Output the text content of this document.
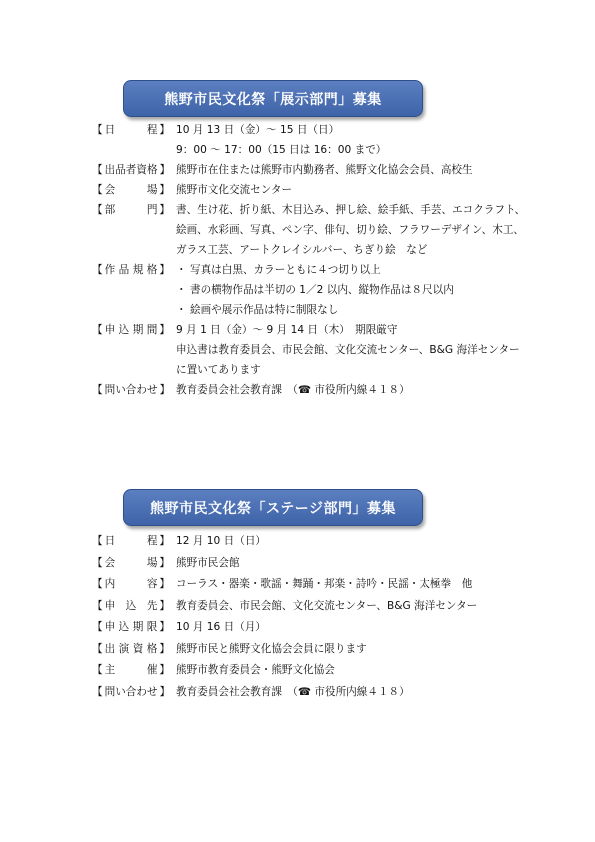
熊野市民文化祭「展示部門」募集
【 日	程 】 10 月 13 日（金）～ 15 日（日）
9：00 ～ 17：00（15 日は 16：00 まで）
【 出 品 者 資 格 】 熊野市在住または熊野市内勤務者、熊野文化協会会員、高校生
【 会	場 】 熊野市文化交流センター
【 部	門 】 書、生け花、折り紙、木目込み、押し絵、絵手紙、手芸、エコクラフト、
絵画、水彩画、写真、ペン字、俳句、切り絵、フラワーデザイン、木工、
ガラス工芸、アートクレイシルバー、ちぎり絵　など
【 作 品 規 格 】 ・ 写真は白黒、カラーともに４つ切り以上
・ 書の横物作品は半切の 1／2 以内、縦物作品は８尺以内
・ 絵画や展示作品は特に制限なし
【 申 込 期 間 】 9 月 1 日（金）～ 9 月 14 日（木）　期限厳守
申込書は教育委員会、市民会館、文化交流センター、B&G 海洋センター
に置いてあります
【 問 い 合 わ せ 】 教育委員会社会教育課　（☎ 市役所内線４１８）
熊野市民文化祭「ステージ部門」募集
【 日	程 】 12 月 10 日（日）
【 会	場 】 熊野市民会館
【 内	容 】 コーラス・器楽・歌謡・舞踊・邦楽・詩吟・民謡・太極拳　他
【 申 込 先 】 教育委員会、市民会館、文化交流センター、B&G 海洋センター
【 申 込 期 限 】 10 月 16 日（月）
【 出 演 資 格 】 熊野市民と熊野文化協会会員に限ります
【 主	催 】 熊野市教育委員会・熊野文化協会
【 問 い 合 わ せ 】 教育委員会社会教育課　（☎ 市役所内線４１８）
